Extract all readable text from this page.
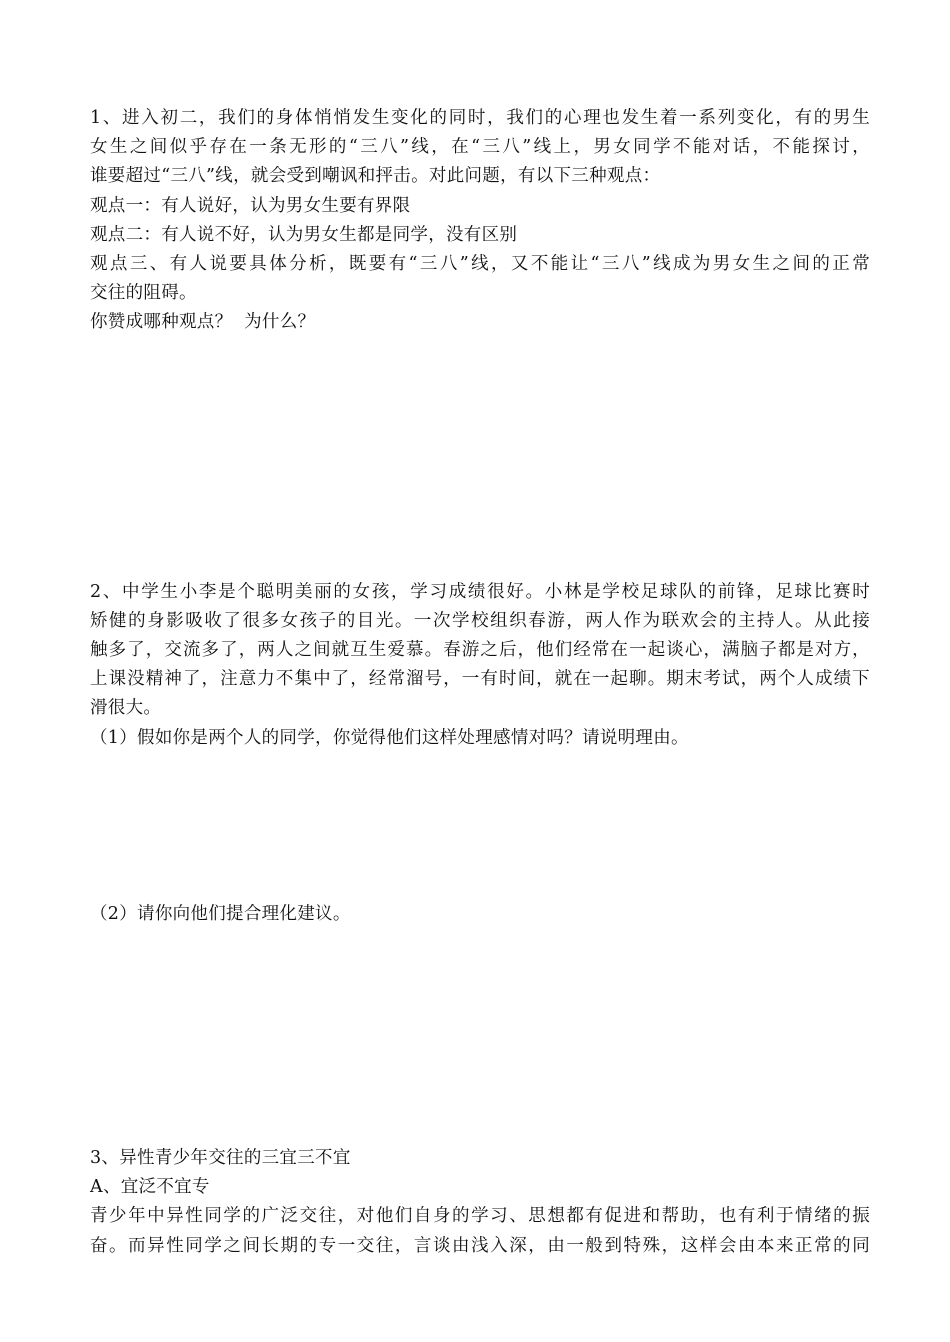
1、进入初二，我们的身体悄悄发生变化的同时，我们的心理也发生着一系列变化，有的男生
女生之间似乎存在一条无形的“三八”线，在“三八”线上，男女同学不能对话，不能探讨，
谁要超过“三八”线，就会受到嘲讽和抨击。对此问题，有以下三种观点：
观点一：有人说好，认为男女生要有界限
观点二：有人说不好，认为男女生都是同学，没有区别
观点三、有人说要具体分析，既要有“三八”线，又不能让“三八”线成为男女生之间的正常
交往的阻碍。
你赞成哪种观点？  为什么？
2、中学生小李是个聪明美丽的女孩，学习成绩很好。小林是学校足球队的前锋，足球比赛时
矫健的身影吸收了很多女孩子的目光。一次学校组织春游，两人作为联欢会的主持人。从此接
触多了，交流多了，两人之间就互生爱慕。春游之后，他们经常在一起谈心，满脑子都是对方，
上课没精神了，注意力不集中了，经常溜号，一有时间，就在一起聊。期末考试，两个人成绩下
滑很大。
（1）假如你是两个人的同学，你觉得他们这样处理感情对吗？请说明理由。
（2）请你向他们提合理化建议。
3、异性青少年交往的三宜三不宜
A、宜泛不宜专
青少年中异性同学的广泛交往，对他们自身的学习、思想都有促进和帮助，也有利于情绪的振
奋。而异性同学之间长期的专一交往，言谈由浅入深，由一般到特殊，这样会由本来正常的同
